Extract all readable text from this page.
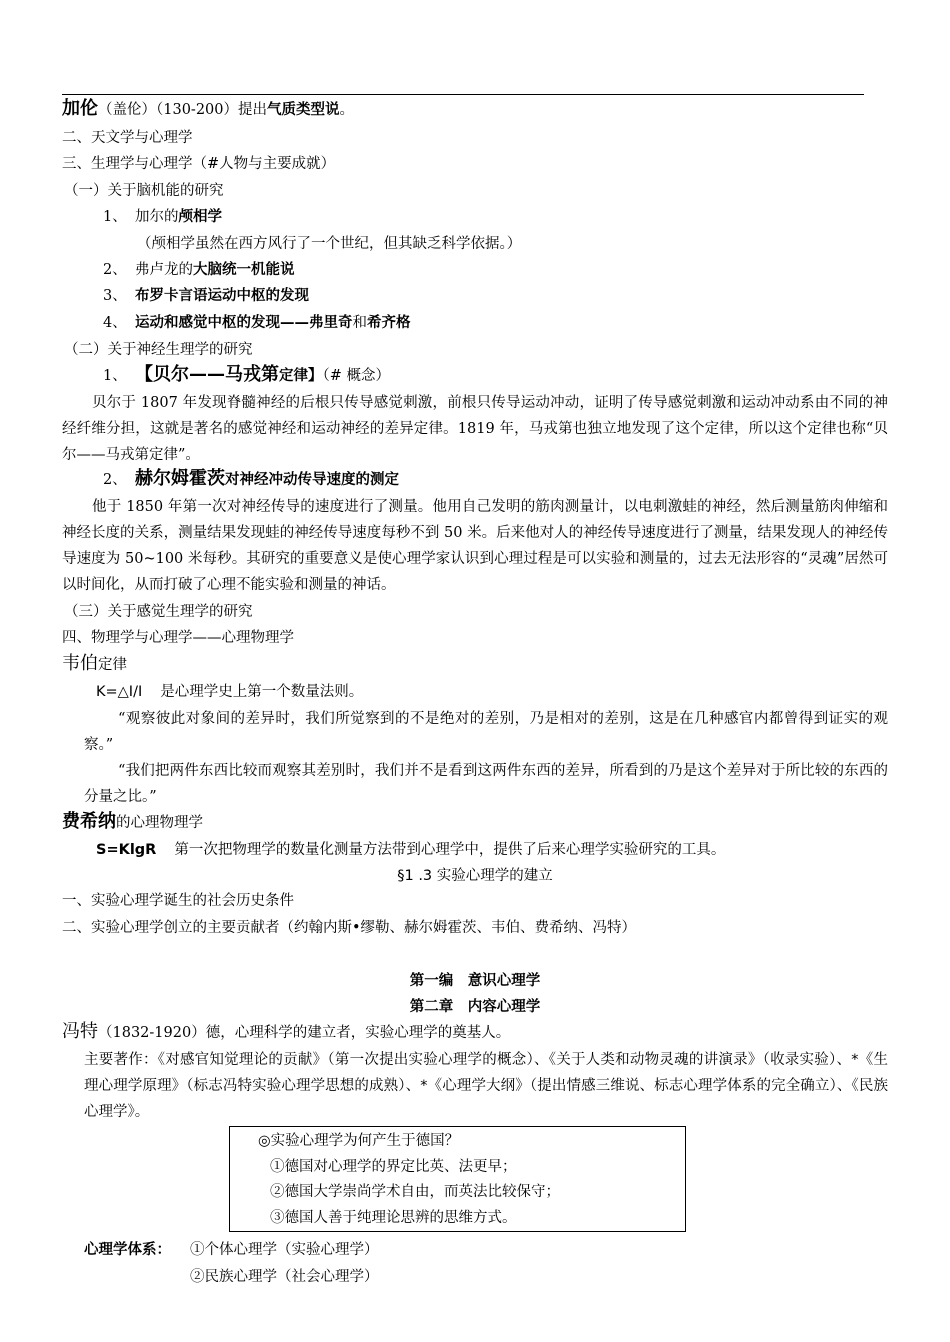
加伦（盖伦）（130-200）提出气质类型说。
二、天文学与心理学
三、生理学与心理学（#人物与主要成就）
（一）关于脑机能的研究
1、 加尔的颅相学
（颅相学虽然在西方风行了一个世纪，但其缺乏科学依据。）
2、 弗卢龙的大脑统一机能说
3、 布罗卡言语运动中枢的发现
4、 运动和感觉中枢的发现——弗里奇和希齐格
（二）关于神经生理学的研究
1、 【贝尔——马戎第定律】（# 概念）
贝尔于 1807 年发现脊髓神经的后根只传导感觉刺激，前根只传导运动冲动，证明了传导感觉刺激和运动冲动系由不同的神经纤维分担，这就是著名的感觉神经和运动神经的差异定律。1819 年，马戎第也独立地发现了这个定律，所以这个定律也称“贝尔——马戎第定律”。
2、 赫尔姆霍茨对神经冲动传导速度的测定
他于 1850 年第一次对神经传导的速度进行了测量。他用自己发明的筋肉测量计，以电刺激蛙的神经，然后测量筋肉伸缩和神经长度的关系，测量结果发现蛙的神经传导速度每秒不到 50 米。后来他对人的神经传导速度进行了测量，结果发现人的神经传导速度为 50~100 米每秒。其研究的重要意义是使心理学家认识到心理过程是可以实验和测量的，过去无法形容的“灵魂”居然可以时间化，从而打破了心理不能实验和测量的神话。
（三）关于感觉生理学的研究
四、物理学与心理学——心理物理学
韦伯定律
K=△I/I 是心理学史上第一个数量法则。
“观察彼此对象间的差异时，我们所觉察到的不是绝对的差别，乃是相对的差别，这是在几种感官内都曾得到证实的观察。”
“我们把两件东西比较而观察其差别时，我们并不是看到这两件东西的差异，所看到的乃是这个差异对于所比较的东西的分量之比。”
费希纳的心理物理学
S=KlgR 第一次把物理学的数量化测量方法带到心理学中，提供了后来心理学实验研究的工具。
§1 .3 实验心理学的建立
一、实验心理学诞生的社会历史条件
二、实验心理学创立的主要贡献者（约翰内斯•缪勒、赫尔姆霍茨、韦伯、费希纳、冯特）
第一编　意识心理学
第二章　内容心理学
冯特（1832-1920）德，心理科学的建立者，实验心理学的奠基人。
主要著作：《对感官知觉理论的贡献》（第一次提出实验心理学的概念）、《关于人类和动物灵魂的讲演录》（收录实验）、*《生理心理学原理》（标志冯特实验心理学思想的成熟）、*《心理学大纲》（提出情感三维说、标志心理学体系的完全确立）、《民族心理学》。
◎实验心理学为何产生于德国？
①德国对心理学的界定比英、法更早；
②德国大学崇尚学术自由，而英法比较保守；
③德国人善于纯理论思辨的思维方式。
心理学体系： ①个体心理学（实验心理学）
②民族心理学（社会心理学）
